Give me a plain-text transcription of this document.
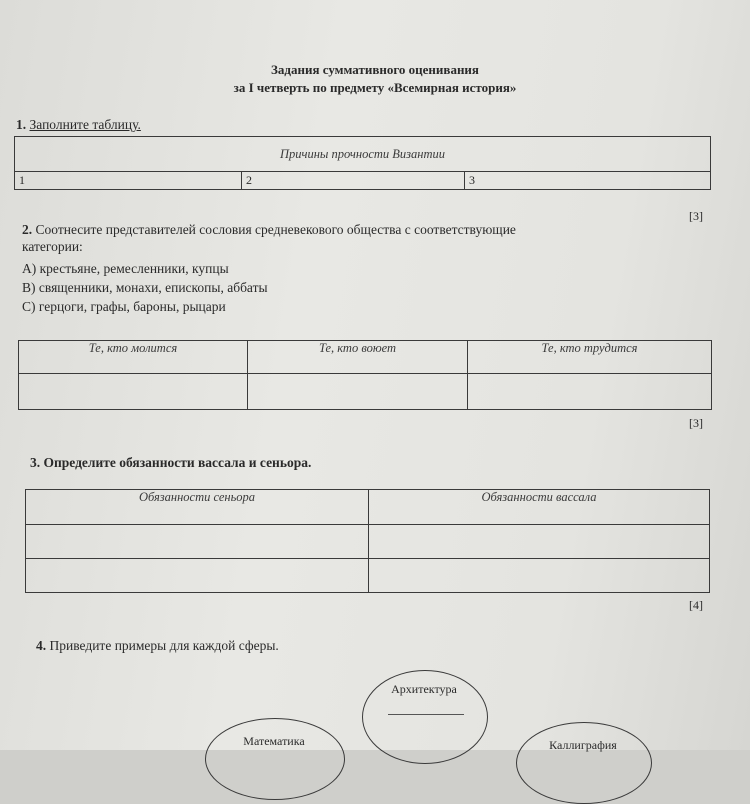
Задания суммативного оценивания
за I четверть по предмету «Всемирная история»
1. Заполните таблицу.
Причины прочности Византии
1	2	3
[3]
2. Соотнесите представителей сословия средневекового общества с соответствующие
категории:
A) крестьяне, ремесленники, купцы
B) священники, монахи, епископы, аббаты
C) герцоги, графы, бароны, рыцари
Те, кто молится	Те, кто воюет	Те, кто трудится

[3]
3. Определите обязанности вассала и сеньора.
Обязанности сеньора	Обязанности вассала

[4]
4. Приведите примеры для каждой сферы.
Архитектура
Математика	Каллиграфия
